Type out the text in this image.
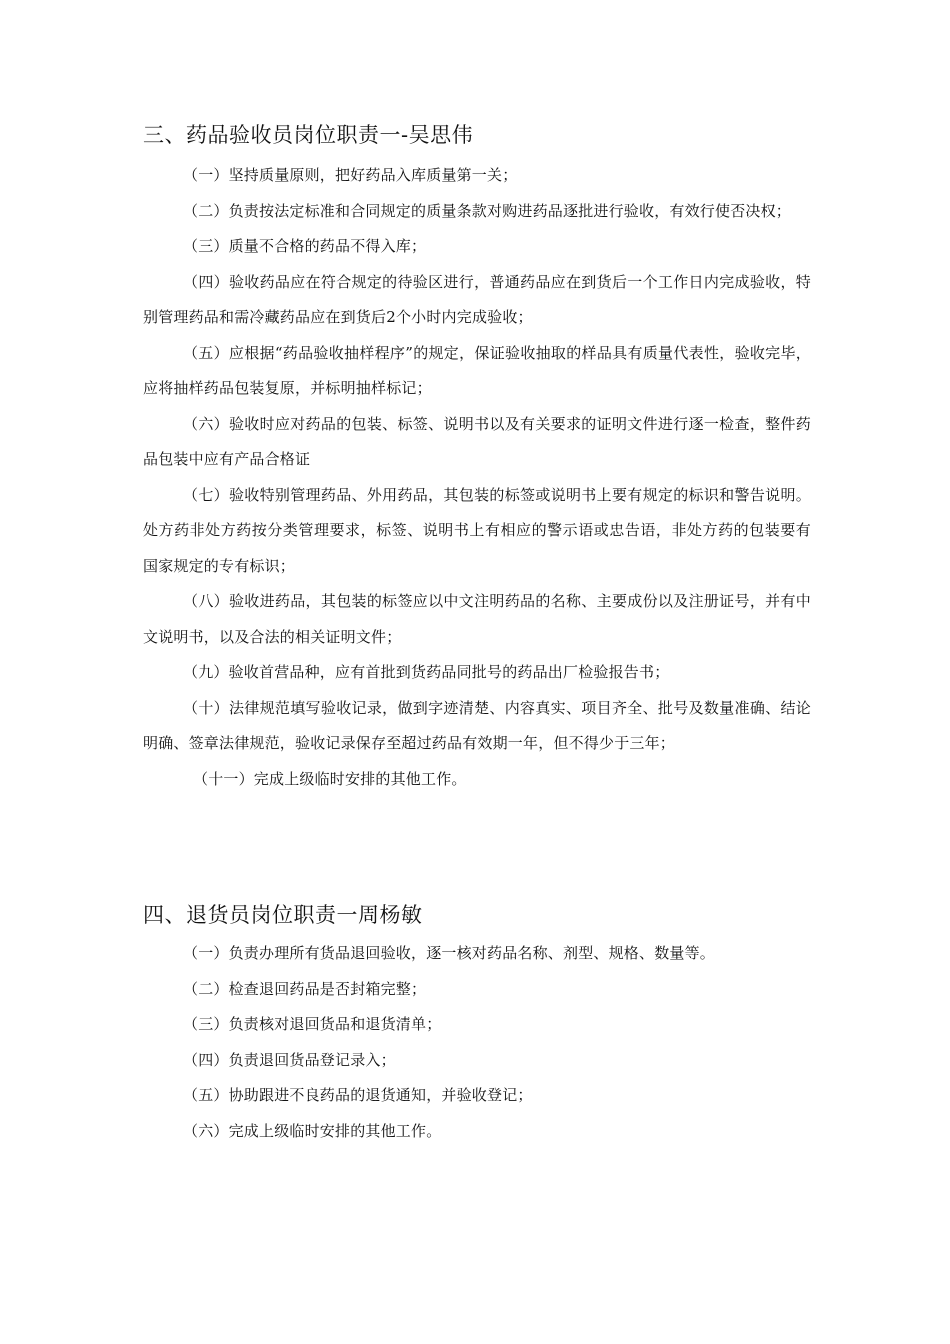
三、药品验收员岗位职责一-吴思伟

（一）坚持质量原则，把好药品入库质量第一关；

（二）负责按法定标准和合同规定的质量条款对购进药品逐批进行验收，有效行使否决权；

（三）质量不合格的药品不得入库；

（四）验收药品应在符合规定的待验区进行，普通药品应在到货后一个工作日内完成验收，特别管理药品和需冷藏药品应在到货后2个小时内完成验收；

（五）应根据“药品验收抽样程序”的规定，保证验收抽取的样品具有质量代表性，验收完毕，应将抽样药品包装复原，并标明抽样标记；

（六）验收时应对药品的包装、标签、说明书以及有关要求的证明文件进行逐一检查，整件药品包装中应有产品合格证

（七）验收特别管理药品、外用药品，其包装的标签或说明书上要有规定的标识和警告说明。处方药非处方药按分类管理要求，标签、说明书上有相应的警示语或忠告语，非处方药的包装要有国家规定的专有标识；

（八）验收进药品，其包装的标签应以中文注明药品的名称、主要成份以及注册证号，并有中文说明书，以及合法的相关证明文件；

（九）验收首营品种，应有首批到货药品同批号的药品出厂检验报告书；

（十）法律规范填写验收记录，做到字迹清楚、内容真实、项目齐全、批号及数量准确、结论明确、签章法律规范，验收记录保存至超过药品有效期一年，但不得少于三年；

（十一）完成上级临时安排的其他工作。

四、退货员岗位职责一周杨敏

（一）负责办理所有货品退回验收，逐一核对药品名称、剂型、规格、数量等。

（二）检查退回药品是否封箱完整；

（三）负责核对退回货品和退货清单；

（四）负责退回货品登记录入；

（五）协助跟进不良药品的退货通知，并验收登记；

（六）完成上级临时安排的其他工作。
